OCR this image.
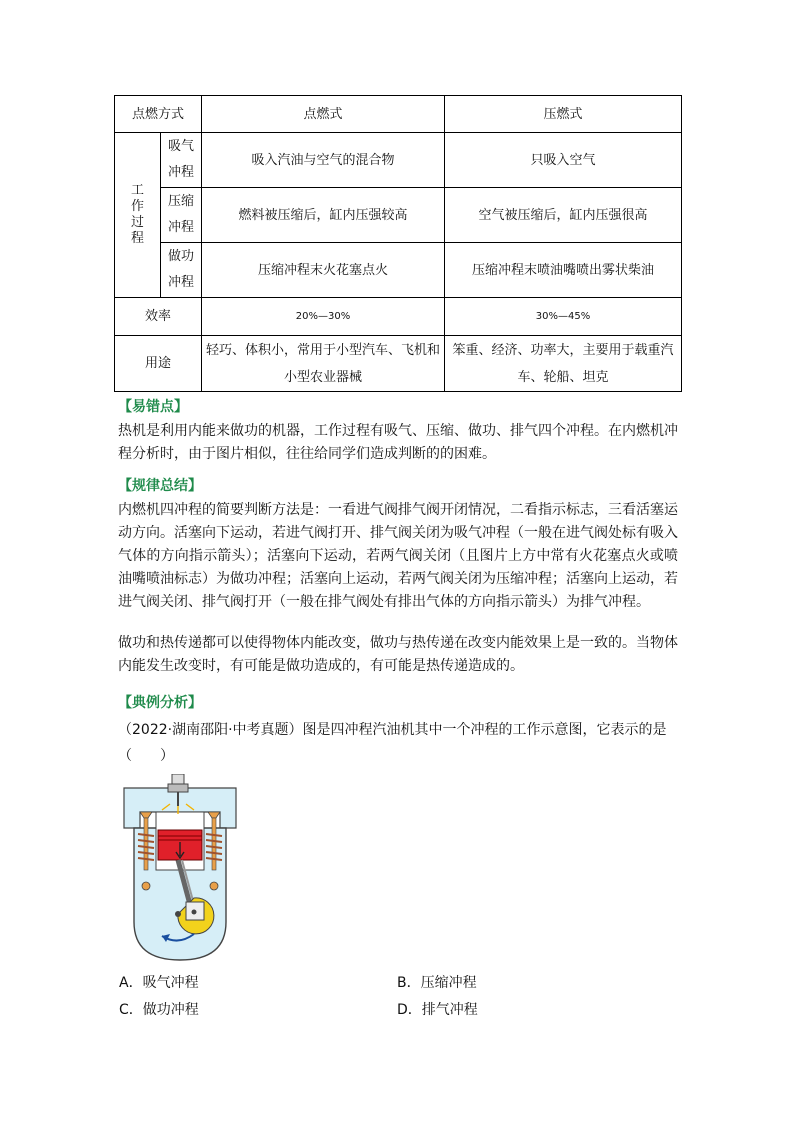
点燃方式		点燃式	压燃式
工作过程	吸气冲程	吸入汽油与空气的混合物	只吸入空气
	压缩冲程	燃料被压缩后，缸内压强较高	空气被压缩后，缸内压强很高
	做功冲程	压缩冲程末火花塞点火	压缩冲程末喷油嘴喷出雾状柴油
效率		20%—30%	30%—45%
用途		轻巧、体积小，常用于小型汽车、飞机和小型农业器械	笨重、经济、功率大，主要用于载重汽车、轮船、坦克
【易错点】
热机是利用内能来做功的机器，工作过程有吸气、压缩、做功、排气四个冲程。在内燃机冲程分析时，由于图片相似，往往给同学们造成判断的的困难。
【规律总结】
内燃机四冲程的简要判断方法是：一看进气阀排气阀开闭情况，二看指示标志，三看活塞运动方向。活塞向下运动，若进气阀打开、排气阀关闭为吸气冲程（一般在进气阀处标有吸入气体的方向指示箭头）；活塞向下运动，若两气阀关闭（且图片上方中常有火花塞点火或喷油嘴喷油标志）为做功冲程；活塞向上运动，若两气阀关闭为压缩冲程；活塞向上运动，若进气阀关闭、排气阀打开（一般在排气阀处有排出气体的方向指示箭头）为排气冲程。
做功和热传递都可以使得物体内能改变，做功与热传递在改变内能效果上是一致的。当物体内能发生改变时，有可能是做功造成的，有可能是热传递造成的。
【典例分析】
（2022·湖南邵阳·中考真题）图是四冲程汽油机其中一个冲程的工作示意图，它表示的是（　　）
A．吸气冲程	B．压缩冲程
C．做功冲程	D．排气冲程
